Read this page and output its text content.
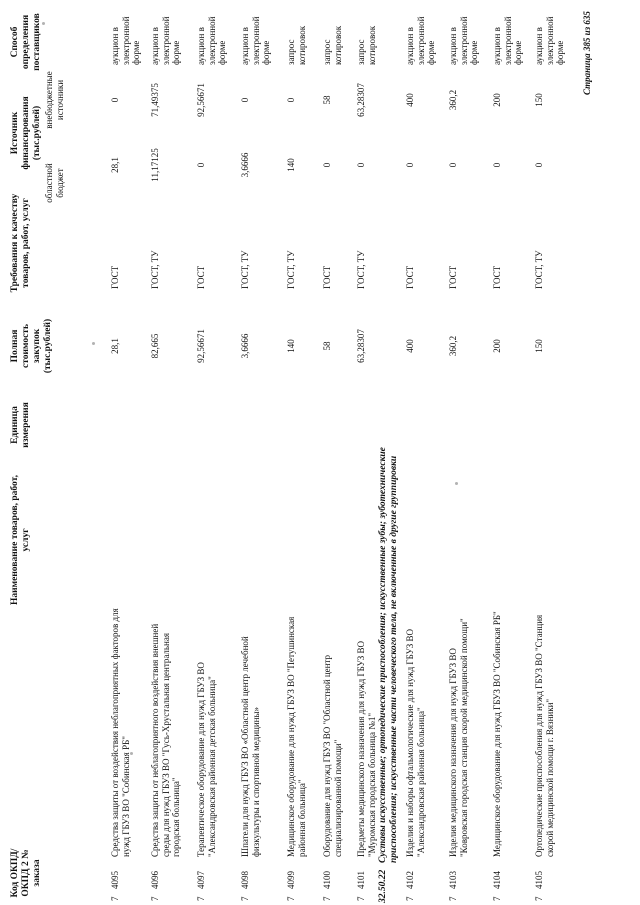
Код ОКПД/ ОКПД 2 № заказа
Наименование товаров, работ, услуг
Единица измерения
Полная стоимость закупок (тыс.рублей)
Требования к качеству товаров, работ, услуг
Источник финансирования (тыс.рублей)
областной бюджет
внебюджетные источники
Способ определения поставщиков
7
4095
Средства защиты от воздействия неблагоприятных факторов для нужд ГБУЗ ВО "Собинская РБ"
28,1
ГОСТ
28,1
0
аукцион в электронной форме
7
4096
Средства защиты от неблагоприятного воздействия внешней среды для нужд ГБУЗ ВО "Гусь-Хрустальная центральная городская больница"
82,665
ГОСТ, ТУ
11,17125
71,49375
аукцион в электронной форме
7
4097
Терапевтическое оборудование для нужд ГБУЗ ВО "Александровская районная детская больница"
92,56671
ГОСТ
0
92,56671
аукцион в электронной форме
7
4098
Шпатели для нужд ГБУЗ ВО «Областной центр лечебной физкультуры и спортивной медицины»
3,6666
ГОСТ, ТУ
3,6666
0
аукцион в электронной форме
7
4099
Медицинское оборудование для нужд ГБУЗ ВО "Петушинская районная больница"
140
ГОСТ, ТУ
140
0
запрос котировок
7
4100
Оборудование для нужд ГБУЗ ВО "Областной центр специализированной помощи"
58
ГОСТ
0
58
запрос котировок
7
4101
Предметы медицинского назначения для нужд ГБУЗ ВО "Муромская городская больница №1"
63,28307
ГОСТ, ТУ
0
63,28307
запрос котировок
32.50.22
Суставы искусственные; ортопедические приспособления; искусственные зубы; зуботехнические приспособления; искусственные части человеческого тела, не включенные в другие группировки
7
4102
Изделия и наборы офтальмологические для нужд ГБУЗ ВО "Александровская районная больница"
400
ГОСТ
0
400
аукцион в электронной форме
7
4103
Изделия медицинского назначения для нужд ГБУЗ ВО "Ковровская городская станция скорой медицинской помощи"
360,2
ГОСТ
0
360,2
аукцион в электронной форме
7
4104
Медицинское оборудование для нужд ГБУЗ ВО "Собинская РБ"
200
ГОСТ
0
200
аукцион в электронной форме
7
4105
Ортопедические приспособления для нужд ГБУЗ ВО "Станция скорой медицинской помощи г. Вязники"
150
ГОСТ, ТУ
0
150
аукцион в электронной форме Страница 385 из 635
